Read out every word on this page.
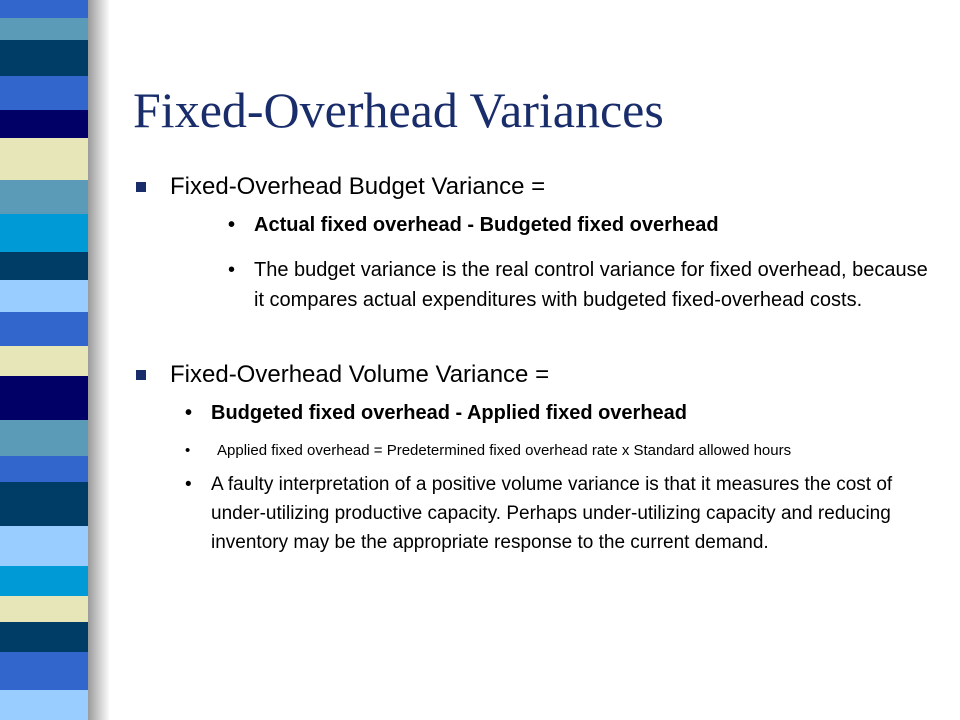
Fixed-Overhead Variances
Fixed-Overhead Budget Variance =
• Actual fixed overhead - Budgeted fixed overhead
• The budget variance is the real control variance for fixed overhead, because it compares actual expenditures with budgeted fixed-overhead costs.
Fixed-Overhead Volume Variance =
• Budgeted fixed overhead - Applied fixed overhead
•	Applied fixed overhead = Predetermined fixed overhead rate x Standard allowed hours
•	A faulty interpretation of a positive volume variance is that it measures the cost of under-utilizing productive capacity. Perhaps under-utilizing capacity and reducing inventory may be the appropriate response to the current demand.
